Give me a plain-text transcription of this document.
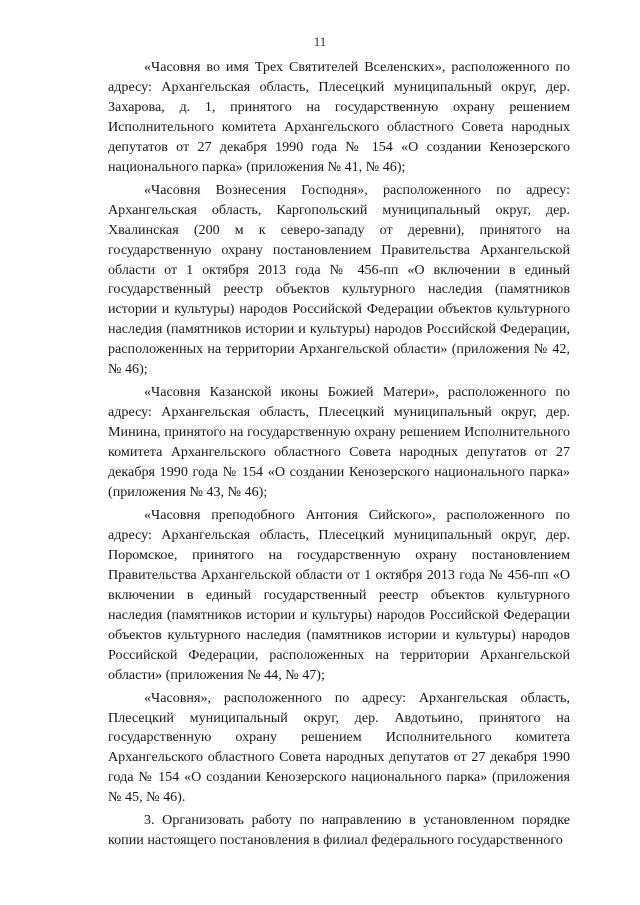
11

«Часовня во имя Трех Святителей Вселенских», расположенного по адресу: Архангельская область, Плесецкий муниципальный округ, дер. Захарова, д. 1, принятого на государственную охрану решением Исполнительного комитета Архангельского областного Совета народных депутатов от 27 декабря 1990 года № 154 «О создании Кенозерского национального парка» (приложения № 41, № 46);

«Часовня Вознесения Господня», расположенного по адресу: Архангельская область, Каргопольский муниципальный округ, дер. Хвалинская (200 м к северо-западу от деревни), принятого на государственную охрану постановлением Правительства Архангельской области от 1 октября 2013 года № 456-пп «О включении в единый государственный реестр объектов культурного наследия (памятников истории и культуры) народов Российской Федерации объектов культурного наследия (памятников истории и культуры) народов Российской Федерации, расположенных на территории Архангельской области» (приложения № 42, № 46);

«Часовня Казанской иконы Божией Матери», расположенного по адресу: Архангельская область, Плесецкий муниципальный округ, дер. Минина, принятого на государственную охрану решением Исполнительного комитета Архангельского областного Совета народных депутатов от 27 декабря 1990 года № 154 «О создании Кенозерского национального парка» (приложения № 43, № 46);

«Часовня преподобного Антония Сийского», расположенного по адресу: Архангельская область, Плесецкий муниципальный округ, дер. Поромское, принятого на государственную охрану постановлением Правительства Архангельской области от 1 октября 2013 года № 456-пп «О включении в единый государственный реестр объектов культурного наследия (памятников истории и культуры) народов Российской Федерации объектов культурного наследия (памятников истории и культуры) народов Российской Федерации, расположенных на территории Архангельской области» (приложения № 44, № 47);

«Часовня», расположенного по адресу: Архангельская область, Плесецкий муниципальный округ, дер. Авдотьино, принятого на государственную охрану решением Исполнительного комитета Архангельского областного Совета народных депутатов от 27 декабря 1990 года № 154 «О создании Кенозерского национального парка» (приложения № 45, № 46).

3. Организовать работу по направлению в установленном порядке копии настоящего постановления в филиал федерального государственного
